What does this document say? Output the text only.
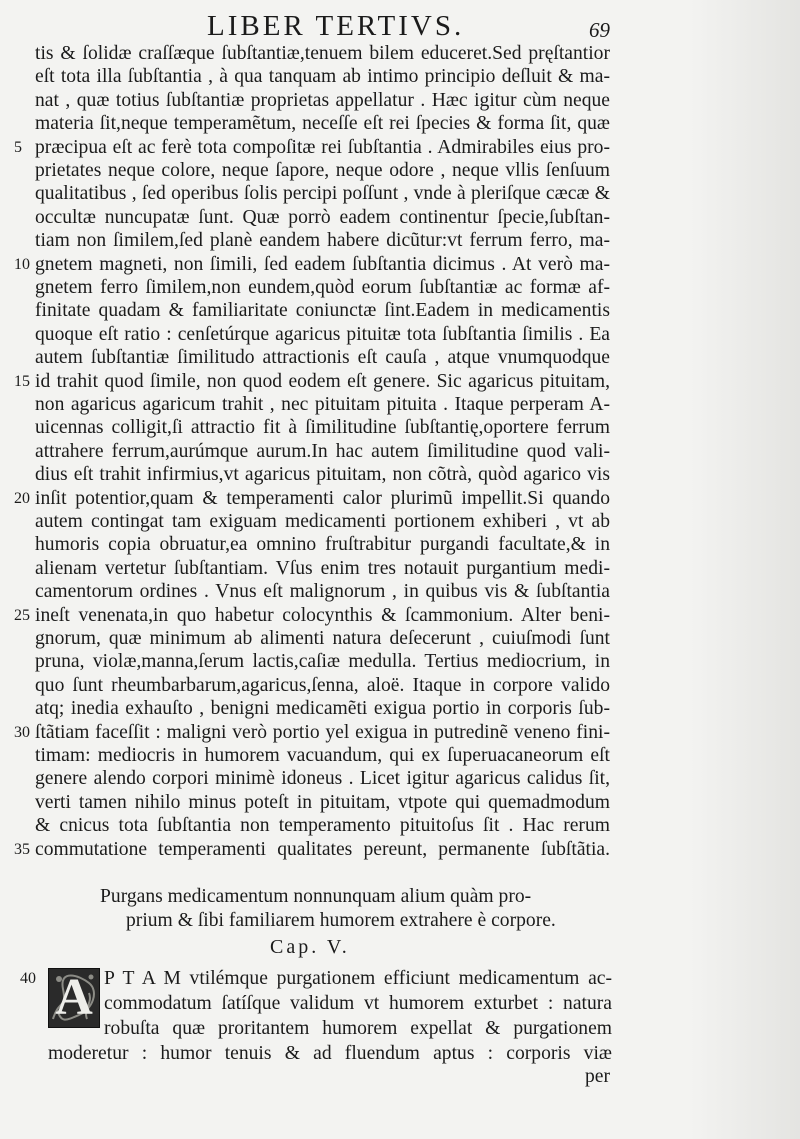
LIBER TERTIVS.	69
tis & ſolidæ craſſæque ſubſtantiæ,tenuem bilem educeret.Sed pręſtantior
eſt tota illa ſubſtantia , à qua tanquam ab intimo principio deſluit & ma-
nat , quæ totius ſubſtantiæ proprietas appellatur . Hæc igitur cùm neque
materia ſit,neque temperamẽtum, neceſſe eſt rei ſpecies & forma ſit, quæ
præcipua eſt ac ferè tota compoſitæ rei ſubſtantia . Admirabiles eius pro-
5
prietates neque colore, neque ſapore, neque odore , neque vllis ſenſuum
qualitatibus , ſed operibus ſolis percipi poſſunt , vnde à pleriſque cæcæ &
occultæ nuncupatæ ſunt. Quæ porrò eadem continentur ſpecie,ſubſtan-
tiam non ſimilem,ſed planè eandem habere dicũtur:vt ferrum ferro, ma-
gnetem magneti, non ſimili, ſed eadem ſubſtantia dicimus . At verò ma-
10
gnetem ferro ſimilem,non eundem,quòd eorum ſubſtantiæ ac formæ af-
finitate quadam & familiaritate coniunctæ ſint.Eadem in medicamentis
quoque eſt ratio : cenſetúrque agaricus pituitæ tota ſubſtantia ſimilis . Ea
autem ſubſtantiæ ſimilitudo attractionis eſt cauſa , atque vnumquodque
id trahit quod ſimile, non quod eodem eſt genere. Sic agaricus pituitam,
15
non agaricus agaricum trahit , nec pituitam pituita . Itaque perperam A-
uicennas colligit,ſi attractio fit à ſimilitudine ſubſtantię,oportere ferrum
attrahere ferrum,aurúmque aurum.In hac autem ſimilitudine quod vali-
dius eſt trahit infirmius,vt agaricus pituitam, non cõtrà, quòd agarico vis
inſit potentior,quam & temperamenti calor plurimũ impellit.Si quando
20
autem contingat tam exiguam medicamenti portionem exhiberi , vt ab
humoris copia obruatur,ea omnino fruſtrabitur purgandi facultate,& in
alienam vertetur ſubſtantiam. Vſus enim tres notauit purgantium medi-
camentorum ordines . Vnus eſt malignorum , in quibus vis & ſubſtantia
ineſt venenata,in quo habetur colocynthis & ſcammonium. Alter beni-
25
gnorum, quæ minimum ab alimenti natura deſecerunt , cuiuſmodi ſunt
pruna, violæ,manna,ſerum lactis,caſiæ medulla. Tertius mediocrium, in
quo ſunt rheumbarbarum,agaricus,ſenna, aloë. Itaque in corpore valido
atq; inedia exhauſto , benigni medicamẽti exigua portio in corporis ſub-
ſtãtiam faceſſit : maligni verò portio yel exigua in putredinẽ veneno fini-
30
timam: mediocris in humorem vacuandum, qui ex ſuperuacaneorum eſt
genere alendo corpori minimè idoneus . Licet igitur agaricus calidus ſit,
verti tamen nihilo minus poteſt in pituitam, vtpote qui quemadmodum
& cnicus tota ſubſtantia non temperamento pituitoſus ſit . Hac rerum
commutatione temperamenti qualitates pereunt, permanente ſubſtãtia.
35
Purgans medicamentum nonnunquam alium quàm pro-
prium & ſibi familiarem humorem extrahere è corpore.
Cap. V.
40 A P T A M vtilémque purgationem efficiunt medicamentum ac-
commodatum ſatíſque validum vt humorem exturbet : natura
robuſta quæ proritantem humorem expellat & purgationem
moderetur : humor tenuis & ad fluendum aptus : corporis viæ
per
